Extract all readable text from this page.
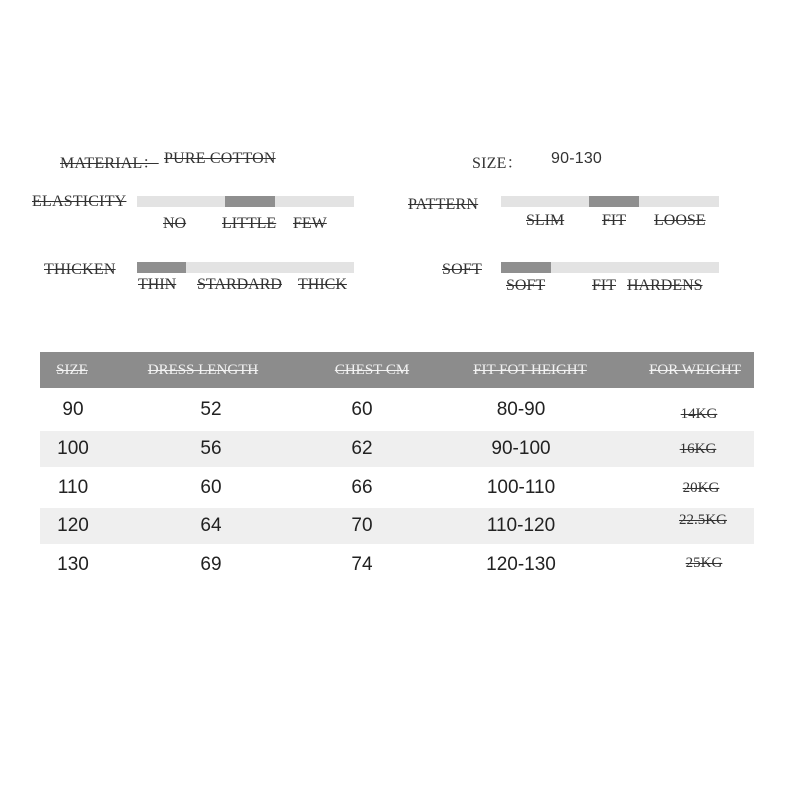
MATERIAL： PURE COTTON	SIZE： 90-130
ELASTICITY
NO LITTLE FEW
PATTERN
SLIM FIT LOOSE
THICKEN
THIN STARDARD THICK
SOFT
SOFT	FIT HARDENS
SIZE	DRESS LENGTH	CHEST CM	FIT FOT HEIGHT	FOR WEIGHT
90	52	60	80-90	14KG
100	56	62	90-100	16KG
110	60	66	100-110	20KG
120	64	70	110-120	22.5KG
130	69	74	120-130	25KG
